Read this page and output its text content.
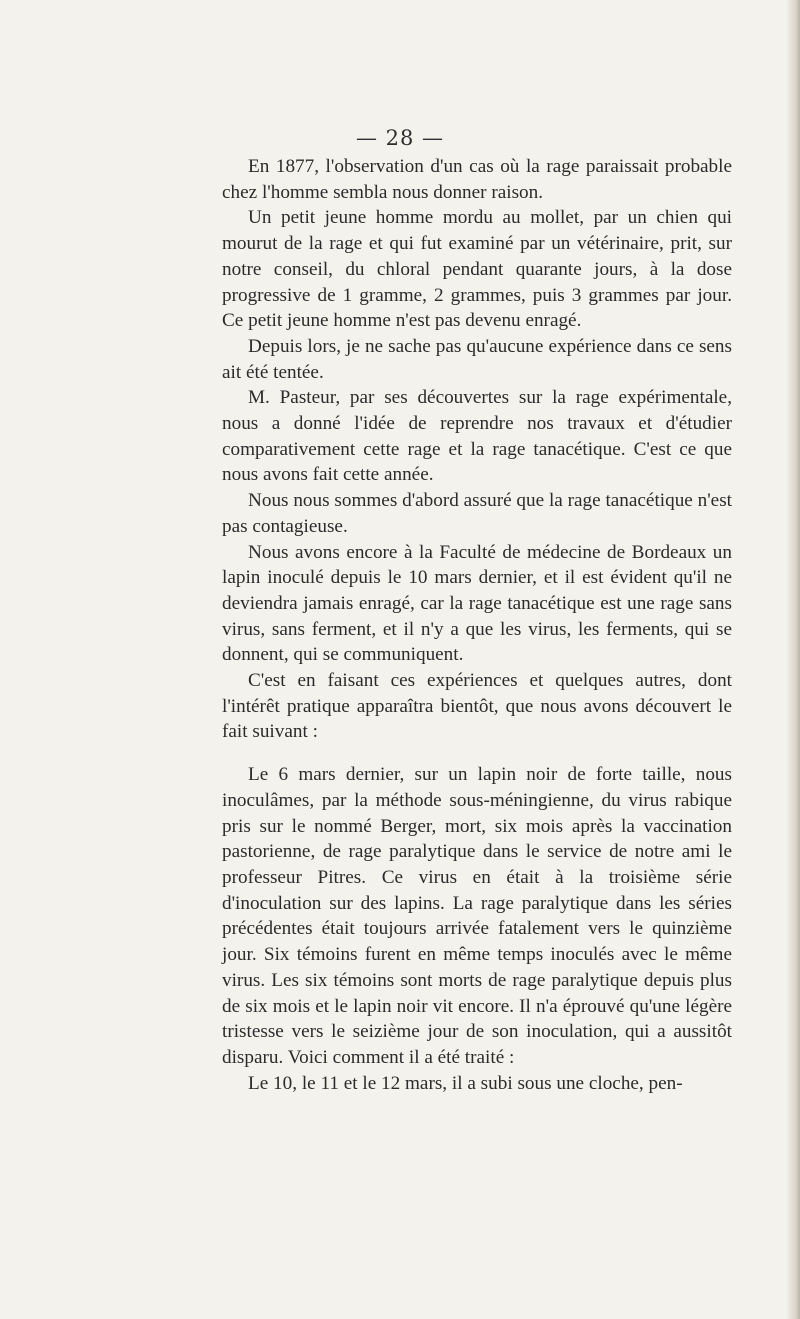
— 28 —

En 1877, l'observation d'un cas où la rage paraissait probable chez l'homme sembla nous donner raison.

Un petit jeune homme mordu au mollet, par un chien qui mourut de la rage et qui fut examiné par un vétérinaire, prit, sur notre conseil, du chloral pendant quarante jours, à la dose progressive de 1 gramme, 2 grammes, puis 3 grammes par jour. Ce petit jeune homme n'est pas devenu enragé.

Depuis lors, je ne sache pas qu'aucune expérience dans ce sens ait été tentée.

M. Pasteur, par ses découvertes sur la rage expérimentale, nous a donné l'idée de reprendre nos travaux et d'étudier comparativement cette rage et la rage tanacétique. C'est ce que nous avons fait cette année.

Nous nous sommes d'abord assuré que la rage tanacétique n'est pas contagieuse.

Nous avons encore à la Faculté de médecine de Bordeaux un lapin inoculé depuis le 10 mars dernier, et il est évident qu'il ne deviendra jamais enragé, car la rage tanacétique est une rage sans virus, sans ferment, et il n'y a que les virus, les ferments, qui se donnent, qui se communiquent.

C'est en faisant ces expériences et quelques autres, dont l'intérêt pratique apparaîtra bientôt, que nous avons découvert le fait suivant :

Le 6 mars dernier, sur un lapin noir de forte taille, nous inoculâmes, par la méthode sous-méningienne, du virus rabique pris sur le nommé Berger, mort, six mois après la vaccination pastorienne, de rage paralytique dans le service de notre ami le professeur Pitres. Ce virus en était à la troisième série d'inoculation sur des lapins. La rage paralytique dans les séries précédentes était toujours arrivée fatalement vers le quinzième jour. Six témoins furent en même temps inoculés avec le même virus. Les six témoins sont morts de rage paralytique depuis plus de six mois et le lapin noir vit encore. Il n'a éprouvé qu'une légère tristesse vers le seizième jour de son inoculation, qui a aussitôt disparu. Voici comment il a été traité :

Le 10, le 11 et le 12 mars, il a subi sous une cloche, pen-
